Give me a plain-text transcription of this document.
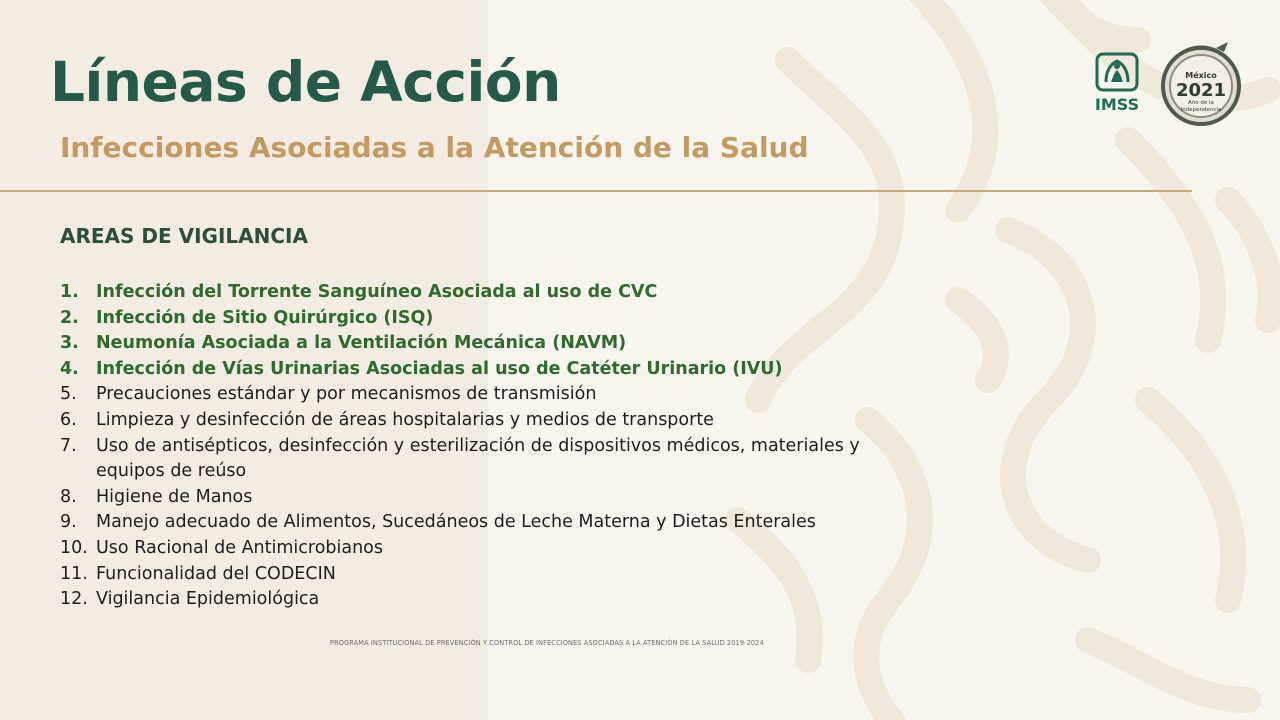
Líneas de Acción
Infecciones Asociadas a la Atención de la Salud
AREAS DE VIGILANCIA
1. Infección del Torrente Sanguíneo Asociada al uso de CVC
2. Infección de Sitio Quirúrgico (ISQ)
3. Neumonía Asociada a la Ventilación Mecánica (NAVM)
4. Infección de Vías Urinarias Asociadas al uso de Catéter Urinario (IVU)
5.	Precauciones estándar y por mecanismos de transmisión
6.	Limpieza y desinfección de áreas hospitalarias y medios de transporte
7.	Uso de antisépticos, desinfección y esterilización de dispositivos médicos, materiales y equipos de reúso
8.	Higiene de Manos
9.	Manejo adecuado de Alimentos, Sucedáneos de Leche Materna y Dietas Enterales
10. Uso Racional de Antimicrobianos
11. Funcionalidad del CODECIN
12. Vigilancia Epidemiológica

PROGRAMA INSTITUCIONAL DE PREVENCIÓN Y CONTROL DE INFECCIONES ASOCIADAS A LA ATENCIÓN DE LA SALUD 2019-2024

IMSS
México
2021
Año de la
Independencia
